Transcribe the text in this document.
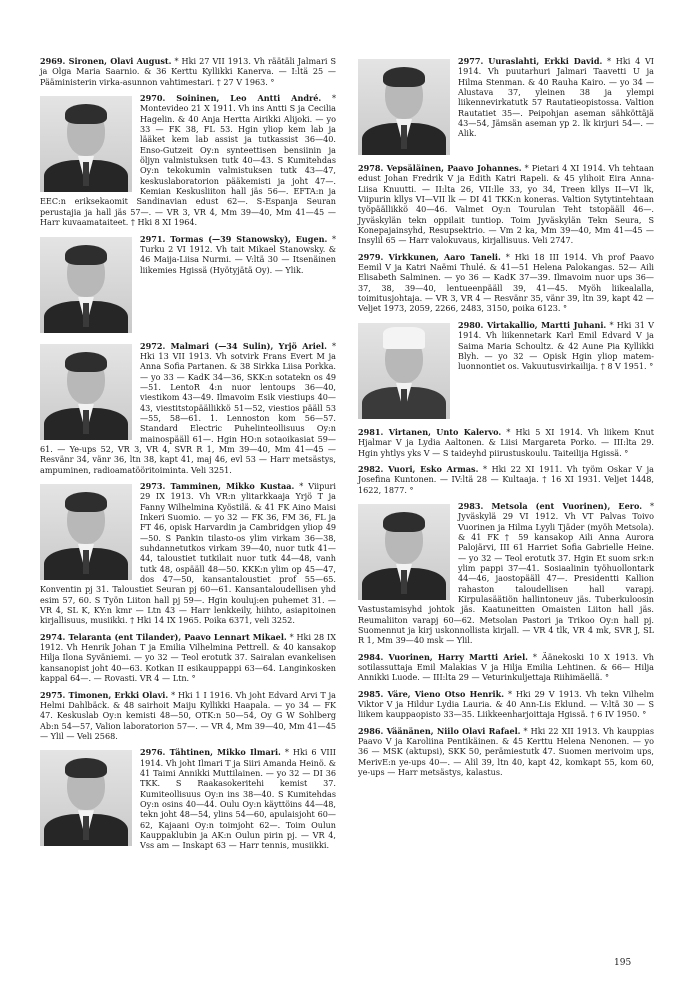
2969. Sironen, Olavi August. * Hki 27 VII 1913. Vh räätäli Jalmari S ja Olga Maria Saarnio. & 36 Kerttu Kyllikki Kanerva. — I:ltä 25 — Pääministerin virka-asunnon vahtimestari. † 27 V 1963. °
2970. Soininen, Leo Antti André. * Montevideo 21 X 1911. Vh ins Antti S ja Cecilia Hagelin. & 40 Anja Hertta Airikki Alijoki. — yo 33 — FK 38, FL 53. Hgin yliop kem lab ja lääket kem lab assist ja tutkassist 36—40. Enso-Gutzeit Oy:n synteettisen bensiinin ja öljyn valmistuksen tutk 40—43. S Kumitehdas Oy:n tekokumin valmistuksen tutk 43—47, keskuslaboratorion pääkemisti ja joht 47—. Kemian Keskusliiton hall jäs 56—. EFTA:n ja EEC:n eriksekaomit Sandinavian edust 62—. S-Espanja Seuran perustajia ja hall jäs 57—. — VR 3, VR 4, Mm 39—40, Mm 41—45 — Harr kuvaamataiteet. † Hki 8 XI 1964.
2971. Tormas (—39 Stanowsky), Eugen. * Turku 2 VI 1912. Vh tait Mikael Stanowsky. & 46 Maija-Liisa Nurmi. — V:ltä 30 — Itsenäinen liikemies Hgissä (Hyötyjätä Oy). — Ylik.
2972. Malmari (—34 Sulin), Yrjö Ariel. * Hki 13 VII 1913. Vh sotvirk Frans Evert M ja Anna Sofia Partanen. & 38 Sirkka Liisa Porkka. — yo 33 — KadK 34—36, SKK:n sotatekn os 49—51. LentoR 4:n nuor lentoups 36—40, viestikom 43—49. Ilmavoim Esik viestiups 40—43, viestitstopäällikkö 51—52, viestios pääll 53—55, 58—61. 1. Lennoston kom 56—57. Standard Electric Puhelinteollisuus Oy:n mainospääll 61—. Hgin HO:n sotaoikasiat 59—61. — Ye-ups 52, VR 3, VR 4, SVR R 1, Mm 39—40, Mm 41—45 — Resvänr 34, vänr 36, ltn 38, kapt 41, maj 46, evl 53 — Harr metsästys, ampuminen, radioamatööritoiminta. Veli 3251.
2973. Tamminen, Mikko Kustaa. * Viipuri 29 IX 1913. Vh VR:n ylitarkkaaja Yrjö T ja Fanny Wilhelmina Kyöstilä. & 41 FK Aino Maisi Inkeri Suomio. — yo 32 — FK 36, FM 36, FL ja FT 46, opisk Harvardin ja Cambridgen yliop 49—50. S Pankin tilasto-os ylim virkam 36—38, suhdannetutkos virkam 39—40, nuor tutk 41—44, taloustiet tutkilait nuor tutk 44—48, vanh tutk 48, ospääll 48—50. KKK:n ylim op 45—47, dos 47—50, kansantaloustiet prof 55—65. Konventin pj 31. Taloustiet Seuran pj 60—61. Kansantaloudellisen yhd esim 57, 60. S Työn Liiton hall pj 59—. Hgin kouluj:en puhemet 31. — VR 4, SL K, KY:n kmr — Ltn 43 — Harr lenkkeily, hiihto, asiapitoinen kirjallisuus, musiikki. † Hki 14 IX 1965. Poika 6371, veli 3252.
2974. Telaranta (ent Tilander), Paavo Lennart Mikael. * Hki 28 IX 1912. Vh Henrik Johan T ja Emilia Vilhelmina Pettrell. & 40 kansakop Hilja Ilona Syväniemi. — yo 32 — Teol erotutk 37. Sairalan evankelisen kansanopist joht 40—63. Kotkan II esikauppappi 63—64. Langinkosken kappal 64—. — Rovasti. VR 4 — Ltn. °
2975. Timonen, Erkki Olavi. * Hki 1 I 1916. Vh joht Edvard Arvi T ja Helmi Dahlbäck. & 48 sairhoit Maiju Kyllikki Haapala. — yo 34 — FK 47. Keskuslab Oy:n kemisti 48—50, OTK:n 50—54, Oy G W Sohlberg Ab:n 54—57, Valion laboratorion 57—. — VR 4, Mm 39—40, Mm 41—45 — Ylil — Veli 2568.
2976. Tähtinen, Mikko Ilmari. * Hki 6 VIII 1914. Vh joht Ilmari T ja Siiri Amanda Heinö. & 41 Taimi Annikki Muttilainen. — yo 32 — DI 36 TKK. S Raakasokeritehi kemist 37. Kumiteollisuus Oy:n ins 38—40. S Kumitehdas Oy:n osins 40—44. Oulu Oy:n käyttöins 44—48, tekn joht 48—54, ylins 54—60, apulaisjoht 60—62, Kajaani Oy:n toimjoht 62—. Toim Oulun Kauppaklubin ja AK:n Oulun pirin pj. — VR 4, Vss am — Inskapt 63 — Harr tennis, musiikki.
2977. Uuraslahti, Erkki David. * Hki 4 VI 1914. Vh puutarhuri Jalmari Taavetti U ja Hilma Stenman. & 40 Rauha Kairo. — yo 34 — Alustava 37, yleinen 38 ja ylempi liikennevirkatutk 57 Rautatieopistossa. Valtion Rautatiet 35—. Peipohjan aseman sähköttäjä 43—54, Jämsän aseman yp 2. lk kirjuri 54—. — Alik.
2978. Vepsäläinen, Paavo Johannes. * Pietari 4 XI 1914. Vh tehtaan edust Johan Fredrik V ja Edith Katri Rapeli. & 45 ylihoit Eira Anna-Liisa Knuutti. — II:lta 26, VII:lle 33, yo 34, Treen kllys II—VI lk, Viipurin kllys VI—VII lk — DI 41 TKK:n koneras. Valtion Sytytintehtaan työpäällikkö 40—46. Valmet Oy:n Tourulan Teht tstopääll 46—. Jyväskylän tekn oppilait tuntiop. Toim Jyväskylän Tekn Seura, S Konepajainsyhd, Resupsektrio. — Vm 2 ka, Mm 39—40, Mm 41—45 — Insylil 65 — Harr valokuvaus, kirjallisuus. Veli 2747.
2979. Virkkunen, Aaro Taneli. * Hki 18 III 1914. Vh prof Paavo Eemil V ja Katri Naëmi Thulé. & 41—51 Helena Palokangas. 52— Aili Elisabeth Salminen. — yo 36 — KadK 37—39. Ilmavoim nuor ups 36—37, 38, 39—40, lentueenpääll 39, 41—45. Myöh liikealalla, toimitusjohtaja. — VR 3, VR 4 — Resvänr 35, vänr 39, ltn 39, kapt 42 — Veljet 1973, 2059, 2266, 2483, 3150, poika 6123. °
2980. Virtakallio, Martti Juhani. * Hki 31 V 1914. Vh liikennetark Karl Emil Edvard V ja Saima Maria Schoultz. & 42 Aune Pia Kyllikki Blyh. — yo 32 — Opisk Hgin yliop matem-luonnontiet os. Vakuutusvirkailija. † 8 V 1951. °
2981. Virtanen, Unto Kalervo. * Hki 5 XI 1914. Vh liikem Knut Hjalmar V ja Lydia Aaltonen. & Liisi Margareta Porko. — III:lta 29. Hgin yhtlys yks V — S taideyhd piirustuskoulu. Taiteilija Hgissä. °
2982. Vuori, Esko Armas. * Hki 22 XI 1911. Vh työm Oskar V ja Josefina Kuntonen. — IV:ltä 28 — Kultaaja. † 16 XI 1931. Veljet 1448, 1622, 1877. °
2983. Metsola (ent Vuorinen), Eero. * Jyväskylä 29 VI 1912. Vh VT Palvas Toivo Vuorinen ja Hilma Lyyli Tjäder (myöh Metsola). & 41 FK † 59 kansakop Aili Anna Aurora Palojärvi, III 61 Harriet Sofia Gabrielle Heine. — yo 32 — Teol erotutk 37. Hgin Et suom srk:n ylim pappi 37—41. Sosiaalinin työhuollontark 44—46, jaostopääll 47—. Presidentti Kallion rahaston taloudellisen hall varapj. Kirpulasäätiön hallintoneuv jäs. Tuberkuloosin Vastustamisyhd johtok jäs. Kaatuneitten Omaisten Liiton hall jäs. Reumaliiton varapj 60—62. Metsolan Pastori ja Trikoo Oy:n hall pj. Suomennut ja kirj uskonnollista kirjall. — VR 4 tlk, VR 4 mk, SVR J, SL R 1, Mm 39—40 msk — Ylil.
2984. Vuorinen, Harry Martti Ariel. * Äänekoski 10 X 1913. Vh sotilassuttaja Emil Malakias V ja Hilja Emilia Lehtinen. & 66— Hilja Annikki Luode. — III:lta 29 — Veturinkuljettaja Riihimäellä. °
2985. Väre, Vieno Otso Henrik. * Hki 29 V 1913. Vh tekn Vilhelm Viktor V ja Hildur Lydia Lauria. & 40 Ann-Lis Eklund. — V:ltä 30 — S liikem kauppaopisto 33—35. Liikkeenharjoittaja Hgissä. † 6 IV 1950. °
2986. Väänänen, Niilo Olavi Rafael. * Hki 22 XII 1913. Vh kauppias Paavo V ja Karoliina Pentikäinen. & 45 Kerttu Helena Nenonen. — yo 36 — MSK (aktupsi), SKK 50, perämiestutk 47. Suomen merivoim ups, MerivE:n ye-ups 40—. — Alil 39, ltn 40, kapt 42, komkapt 55, kom 60, ye-ups — Harr metsästys, kalastus.
195
